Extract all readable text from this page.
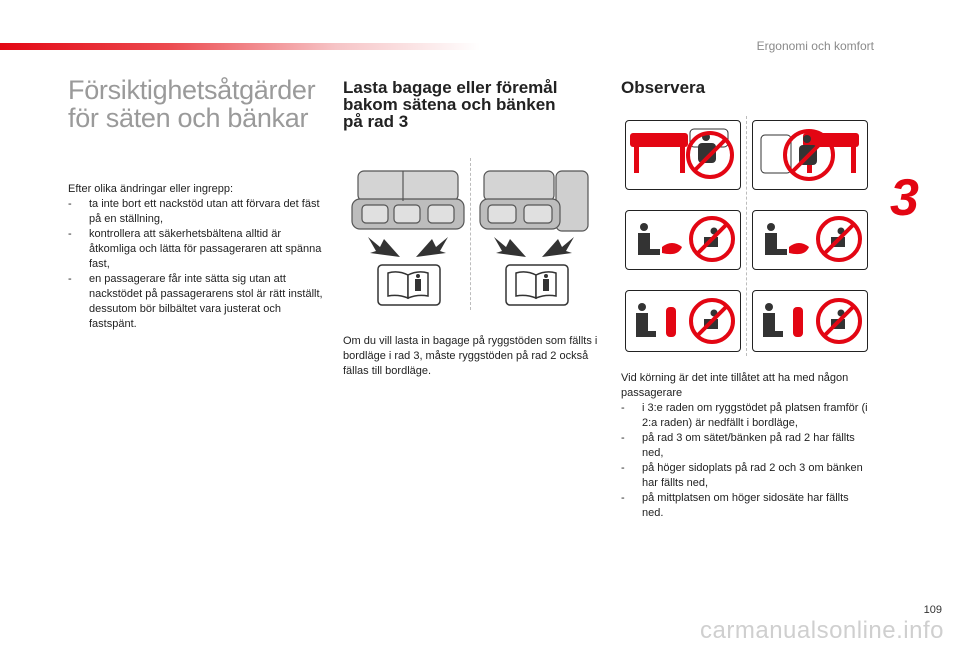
Ergonomi och komfort
3
Försiktighetsåtgärder
för säten och bänkar
Efter olika ändringar eller ingrepp:
- ta inte bort ett nackstöd utan att förvara det fäst på en ställning,
- kontrollera att säkerhetsbältena alltid är åtkomliga och lätta för passageraren att spänna fast,
- en passagerare får inte sätta sig utan att nackstödet på passagerarens stol är rätt inställt, dessutom bör bilbältet vara justerat och fastspänt.
Lasta bagage eller föremål
bakom sätena och bänken
på rad 3
Om du vill lasta in bagage på ryggstöden som fällts i bordläge i rad 3, måste ryggstöden på rad 2 också fällas till bordläge.
Observera
Vid körning är det inte tillåtet att ha med någon passagerare
- i 3:e raden om ryggstödet på platsen framför (i 2:a raden) är nedfällt i bordläge,
- på rad 3 om sätet/bänken på rad 2 har fällts ned,
- på höger sidoplats på rad 2 och 3 om bänken har fällts ned,
- på mittplatsen om höger sidosäte har fällts ned.
109
carmanualsonline.info
